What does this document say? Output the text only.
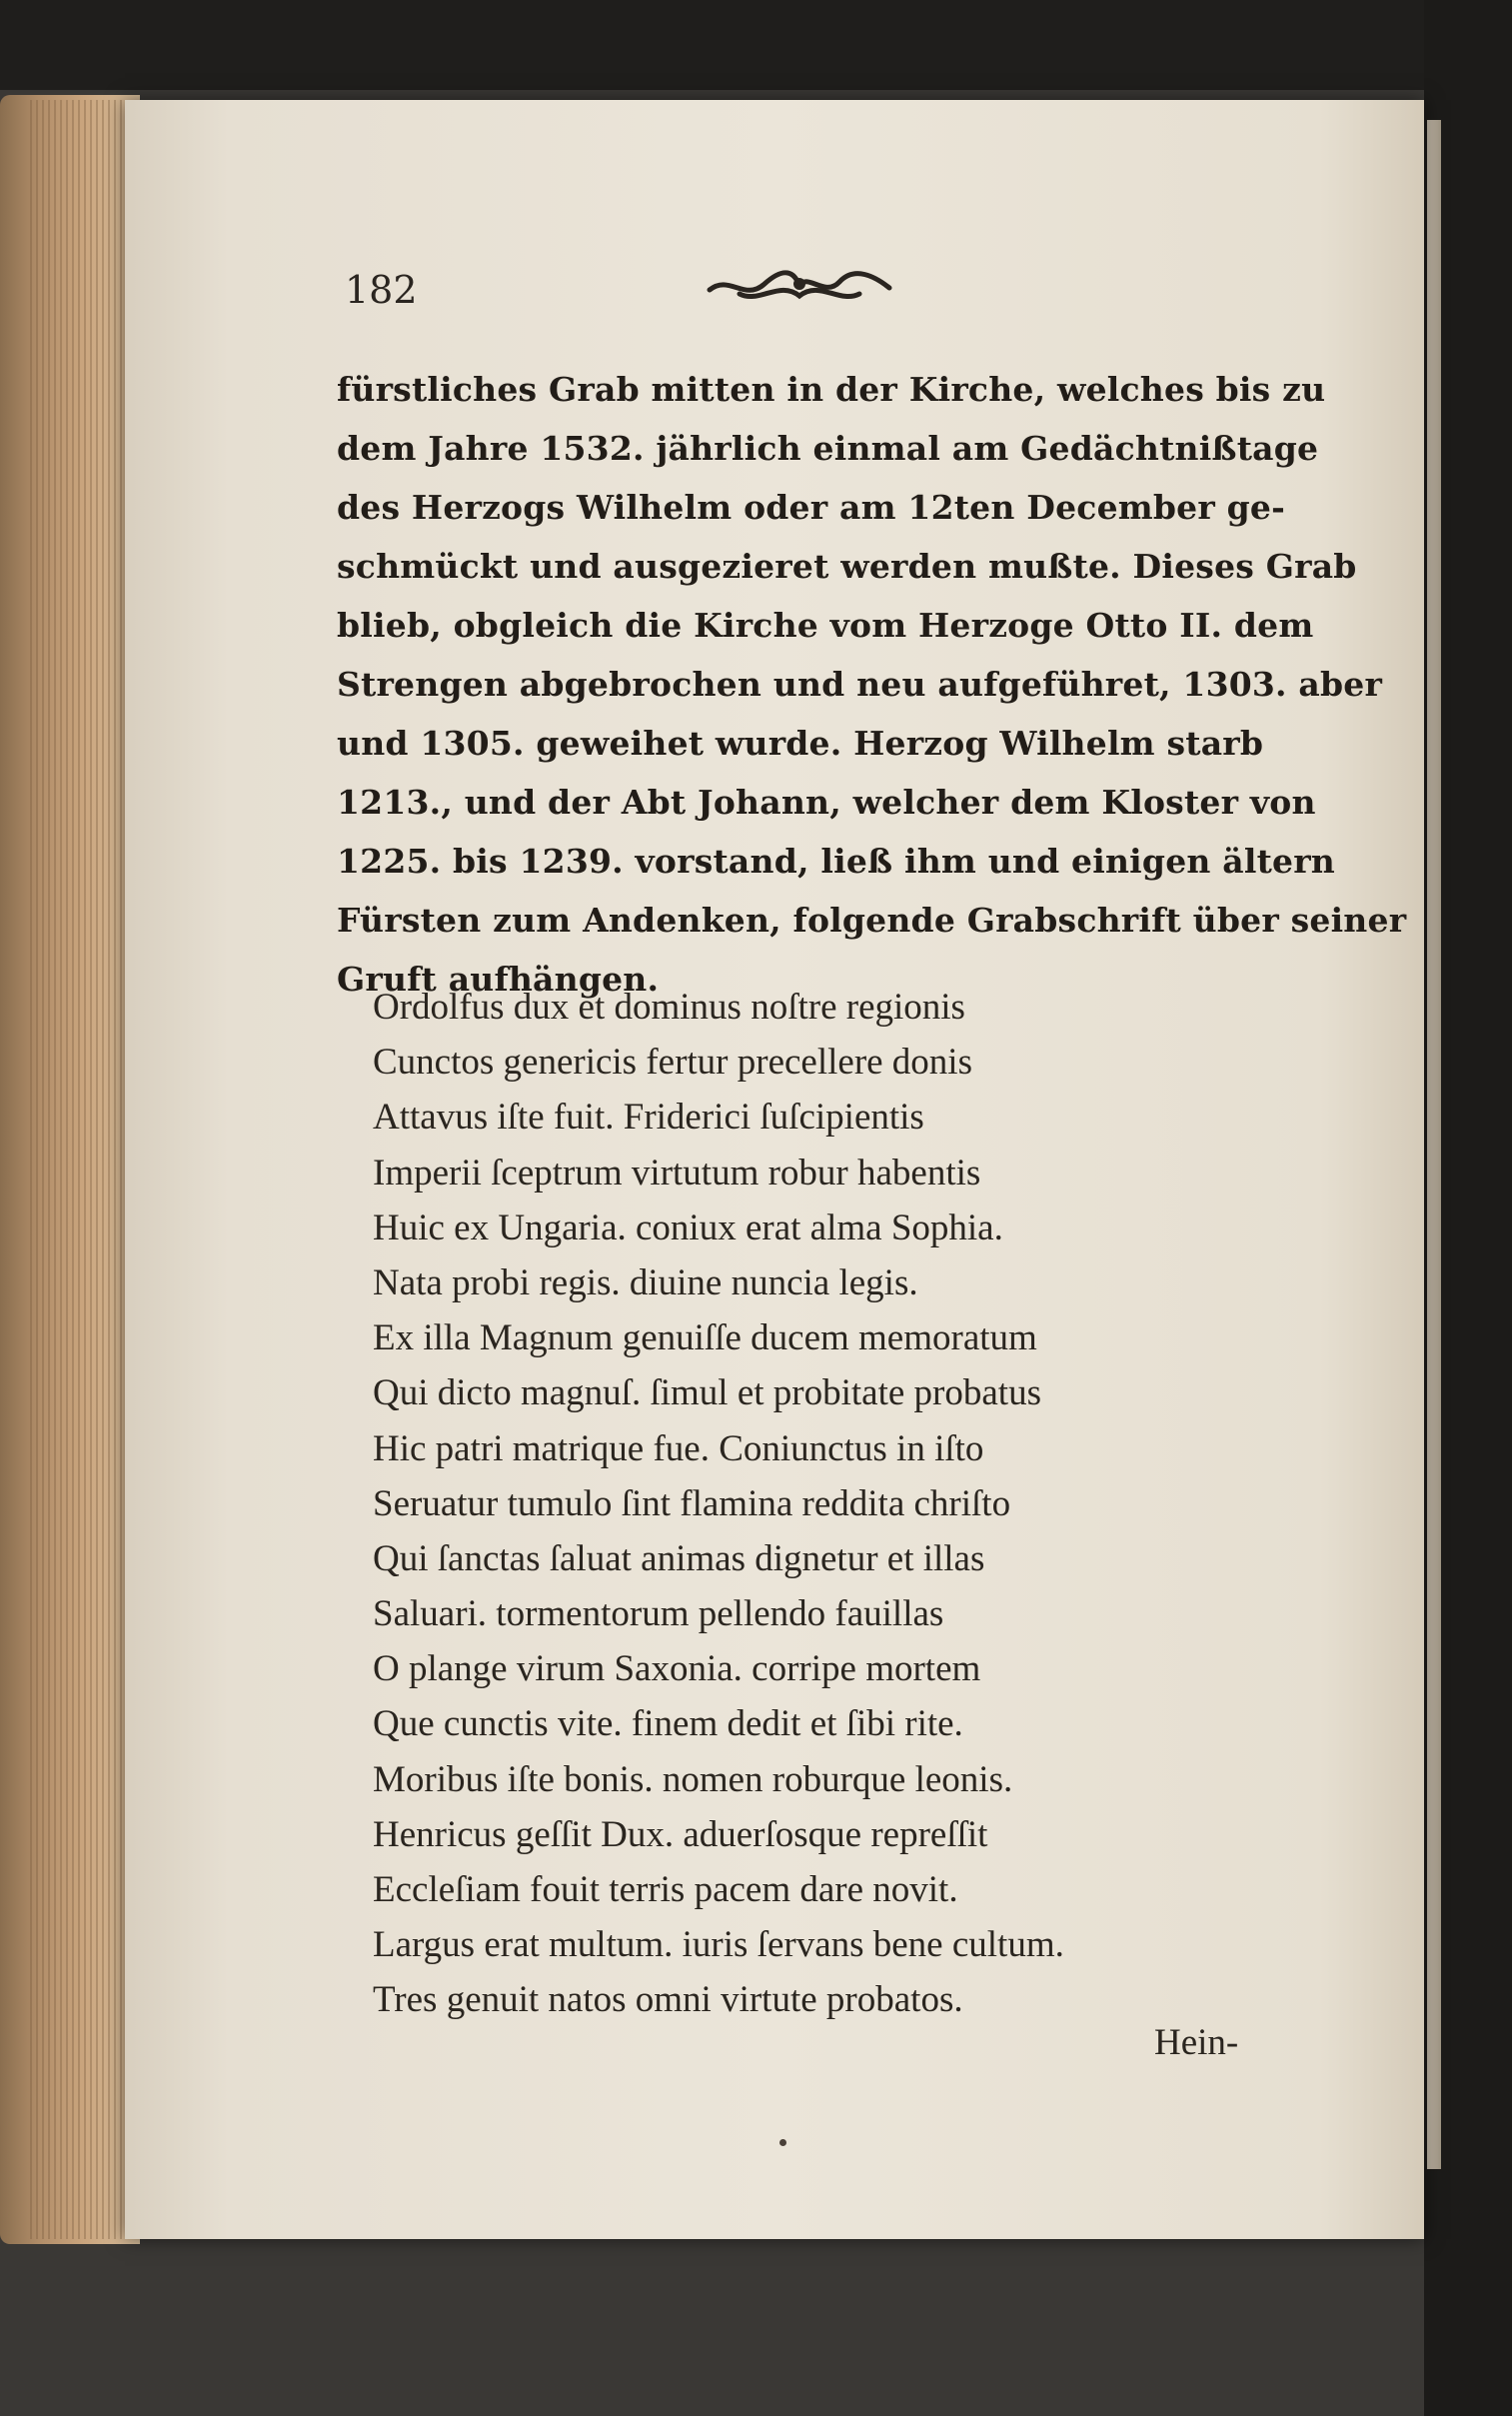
182
fürstliches Grab mitten in der Kirche, welches bis zu
dem Jahre 1532. jährlich einmal am Gedächtnißtage
des Herzogs Wilhelm oder am 12ten December ge-
schmückt und ausgezieret werden mußte. Dieses Grab
blieb, obgleich die Kirche vom Herzoge Otto II. dem
Strengen abgebrochen und neu aufgeführet, 1303. aber
und 1305. geweihet wurde. Herzog Wilhelm starb
1213., und der Abt Johann, welcher dem Kloster von
1225. bis 1239. vorstand, ließ ihm und einigen ältern
Fürsten zum Andenken, folgende Grabschrift über seiner
Gruft aufhängen.
Ordolfus dux et dominus noſtre regionis
Cunctos genericis fertur precellere donis
Attavus iſte fuit. Friderici ſuſcipientis
Imperii ſceptrum virtutum robur habentis
Huic ex Ungaria. coniux erat alma Sophia.
Nata probi regis. diuine nuncia legis.
Ex illa Magnum genuiſſe ducem memoratum
Qui dicto magnuſ. ſimul et probitate probatus
Hic patri matrique fue. Coniunctus in iſto
Seruatur tumulo ſint flamina reddita chriſto
Qui ſanctas ſaluat animas dignetur et illas
Saluari. tormentorum pellendo fauillas
O plange virum Saxonia. corripe mortem
Que cunctis vite. finem dedit et ſibi rite.
Moribus iſte bonis. nomen roburque leonis.
Henricus geſſit Dux. aduerſosque repreſſit
Eccleſiam fouit terris pacem dare novit.
Largus erat multum. iuris ſervans bene cultum.
Tres genuit natos omni virtute probatos.
Hein-
